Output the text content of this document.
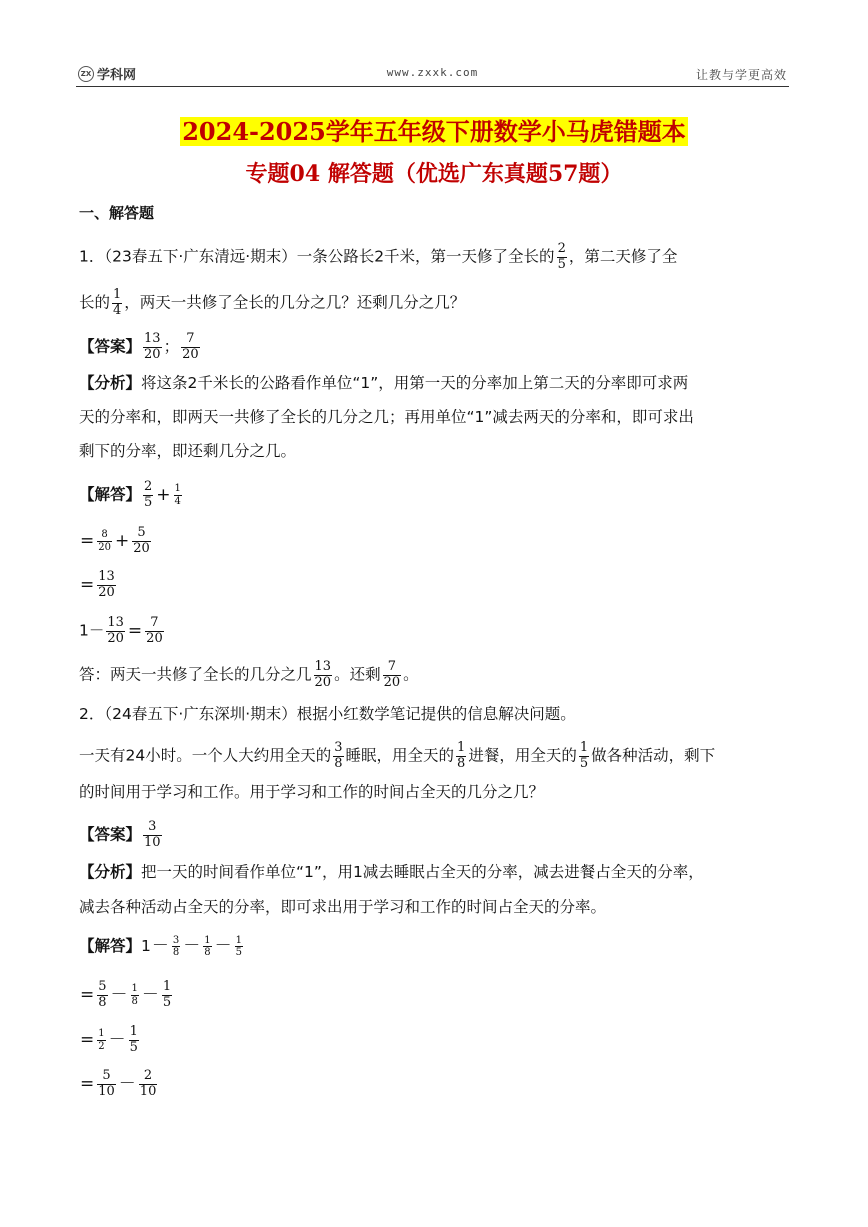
ZX 学科网	www.zxxk.com	让教与学更高效
2024-2025学年五年级下册数学小马虎错题本
专题04 解答题（优选广东真题57题）
一、解答题
1．（23春五下·广东清远·期末）一条公路长2千米，第一天修了全长的 $\frac{2}{5}$ ，第二天修了全
长的 $\frac{1}{4}$ ，两天一共修了全长的几分之几？还剩几分之几？
【答案】 $\frac{13}{20}$ ； $\frac{7}{20}$
【分析】将这条2千米长的公路看作单位“1”，用第一天的分率加上第二天的分率即可求两
天的分率和，即两天一共修了全长的几分之几；再用单位“1”减去两天的分率和，即可求出
剩下的分率，即还剩几分之几。
【解答】 $\frac{2}{5} + \frac{1}{4}$
= $\frac{8}{20} + \frac{5}{20}$
= $\frac{13}{20}$
$1- \frac{13}{20} = \frac{7}{20}$
答：两天一共修了全长的几分之几 $\frac{13}{20}$ 。还剩 $\frac{7}{20}$ 。
2．（24春五下·广东深圳·期末）根据小红数学笔记提供的信息解决问题。
一天有24小时。一个人大约用全天的 $\frac{3}{8}$ 睡眠，用全天的 $\frac{1}{8}$ 进餐，用全天的 $\frac{1}{5}$ 做各种活动，剩下
的时间用于学习和工作。用于学习和工作的时间占全天的几分之几？
【答案】 $\frac{3}{10}$
【分析】把一天的时间看作单位“1”，用1减去睡眠占全天的分率，减去进餐占全天的分率，
减去各种活动占全天的分率，即可求出用于学习和工作的时间占全天的分率。
【解答】$1- \frac{3}{8} - \frac{1}{8} - \frac{1}{5}$
= $\frac{5}{8} - \frac{1}{8} - \frac{1}{5}$
= $\frac{1}{2} - \frac{1}{5}$
= $\frac{5}{10} - \frac{2}{10}$
